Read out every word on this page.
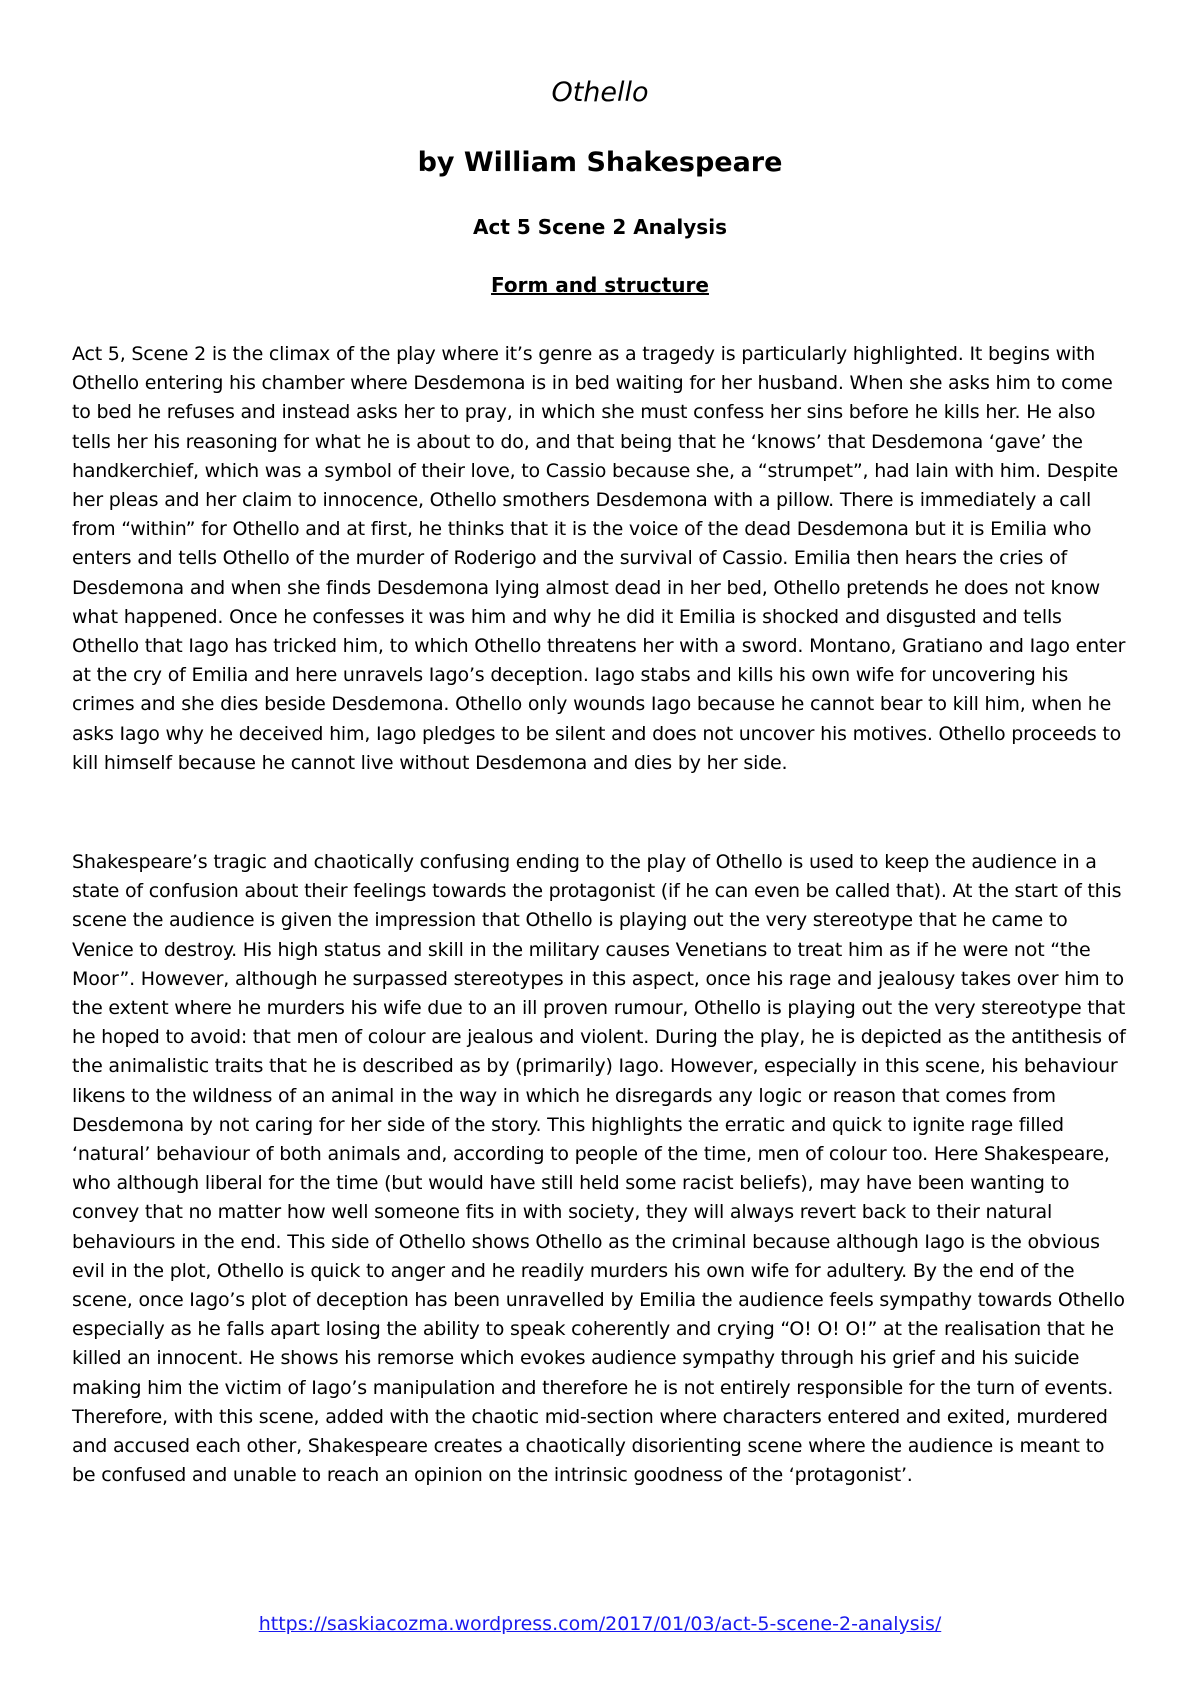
Othello
by William Shakespeare
Act 5 Scene 2 Analysis
Form and structure

Act 5, Scene 2 is the climax of the play where it’s genre as a tragedy is particularly highlighted. It begins with Othello entering his chamber where Desdemona is in bed waiting for her husband. When she asks him to come to bed he refuses and instead asks her to pray, in which she must confess her sins before he kills her. He also tells her his reasoning for what he is about to do, and that being that he ‘knows’ that Desdemona ‘gave’ the handkerchief, which was a symbol of their love, to Cassio because she, a “strumpet”, had lain with him. Despite her pleas and her claim to innocence, Othello smothers Desdemona with a pillow. There is immediately a call from “within” for Othello and at first, he thinks that it is the voice of the dead Desdemona but it is Emilia who enters and tells Othello of the murder of Roderigo and the survival of Cassio. Emilia then hears the cries of Desdemona and when she finds Desdemona lying almost dead in her bed, Othello pretends he does not know what happened. Once he confesses it was him and why he did it Emilia is shocked and disgusted and tells Othello that Iago has tricked him, to which Othello threatens her with a sword. Montano, Gratiano and Iago enter at the cry of Emilia and here unravels Iago’s deception. Iago stabs and kills his own wife for uncovering his crimes and she dies beside Desdemona. Othello only wounds Iago because he cannot bear to kill him, when he asks Iago why he deceived him, Iago pledges to be silent and does not uncover his motives. Othello proceeds to kill himself because he cannot live without Desdemona and dies by her side.

Shakespeare’s tragic and chaotically confusing ending to the play of Othello is used to keep the audience in a state of confusion about their feelings towards the protagonist (if he can even be called that). At the start of this scene the audience is given the impression that Othello is playing out the very stereotype that he came to Venice to destroy. His high status and skill in the military causes Venetians to treat him as if he were not “the Moor”. However, although he surpassed stereotypes in this aspect, once his rage and jealousy takes over him to the extent where he murders his wife due to an ill proven rumour, Othello is playing out the very stereotype that he hoped to avoid: that men of colour are jealous and violent. During the play, he is depicted as the antithesis of the animalistic traits that he is described as by (primarily) Iago. However, especially in this scene, his behaviour likens to the wildness of an animal in the way in which he disregards any logic or reason that comes from Desdemona by not caring for her side of the story. This highlights the erratic and quick to ignite rage filled ‘natural’ behaviour of both animals and, according to people of the time, men of colour too. Here Shakespeare, who although liberal for the time (but would have still held some racist beliefs), may have been wanting to convey that no matter how well someone fits in with society, they will always revert back to their natural behaviours in the end. This side of Othello shows Othello as the criminal because although Iago is the obvious evil in the plot, Othello is quick to anger and he readily murders his own wife for adultery. By the end of the scene, once Iago’s plot of deception has been unravelled by Emilia the audience feels sympathy towards Othello especially as he falls apart losing the ability to speak coherently and crying “O! O! O!” at the realisation that he killed an innocent. He shows his remorse which evokes audience sympathy through his grief and his suicide making him the victim of Iago’s manipulation and therefore he is not entirely responsible for the turn of events. Therefore, with this scene, added with the chaotic mid-section where characters entered and exited, murdered and accused each other, Shakespeare creates a chaotically disorienting scene where the audience is meant to be confused and unable to reach an opinion on the intrinsic goodness of the ‘protagonist’.

https://saskiacozma.wordpress.com/2017/01/03/act-5-scene-2-analysis/
